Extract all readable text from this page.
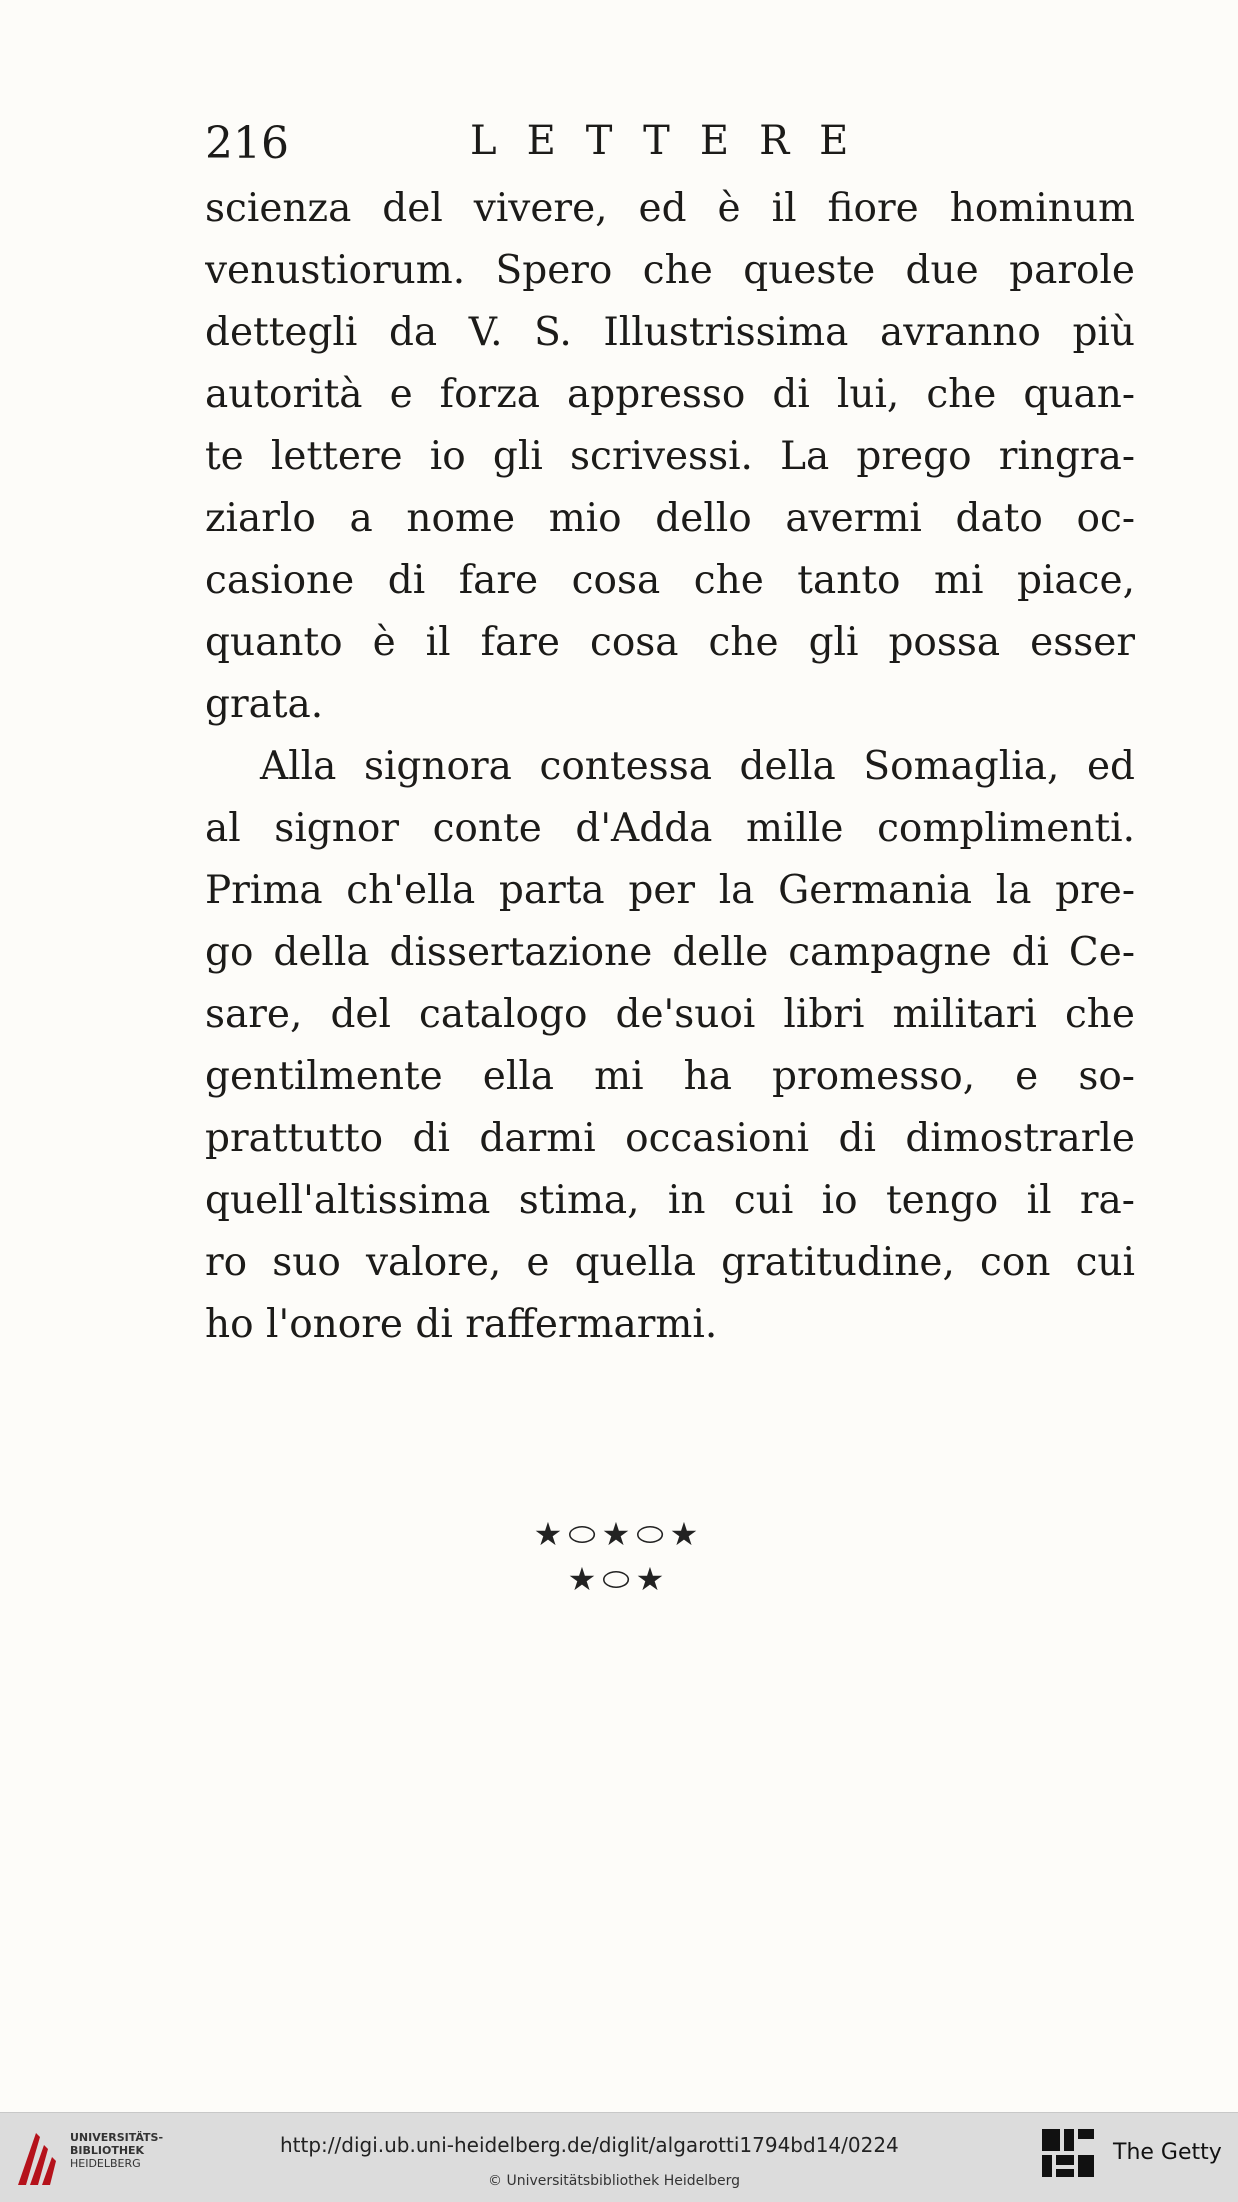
216	LETTERE
scienza del vivere, ed è il fiore hominum
venustiorum. Spero che queste due parole
dettegli da V. S. Illustrissima avranno più
autorità e forza appresso di lui, che quan-
te lettere io gli scrivessi. La prego ringra-
ziarlo a nome mio dello avermi dato oc-
casione di fare cosa che tanto mi piace,
quanto è il fare cosa che gli possa esser
grata.
Alla signora contessa della Somaglia, ed
al signor conte d'Adda mille complimenti.
Prima ch'ella parta per la Germania la pre-
go della dissertazione delle campagne di Ce-
sare, del catalogo de'suoi libri militari che
gentilmente ella mi ha promesso, e so-
prattutto di darmi occasioni di dimostrarle
quell'altissima stima, in cui io tengo il ra-
ro suo valore, e quella gratitudine, con cui
ho l'onore di raffermarmi.
★⬭★⬭★
★⬭★
UNIVERSITÄTS-
BIBLIOTHEK
HEIDELBERG
http://digi.ub.uni-heidelberg.de/diglit/algarotti1794bd14/0224
© Universitätsbibliothek Heidelberg
The Getty
